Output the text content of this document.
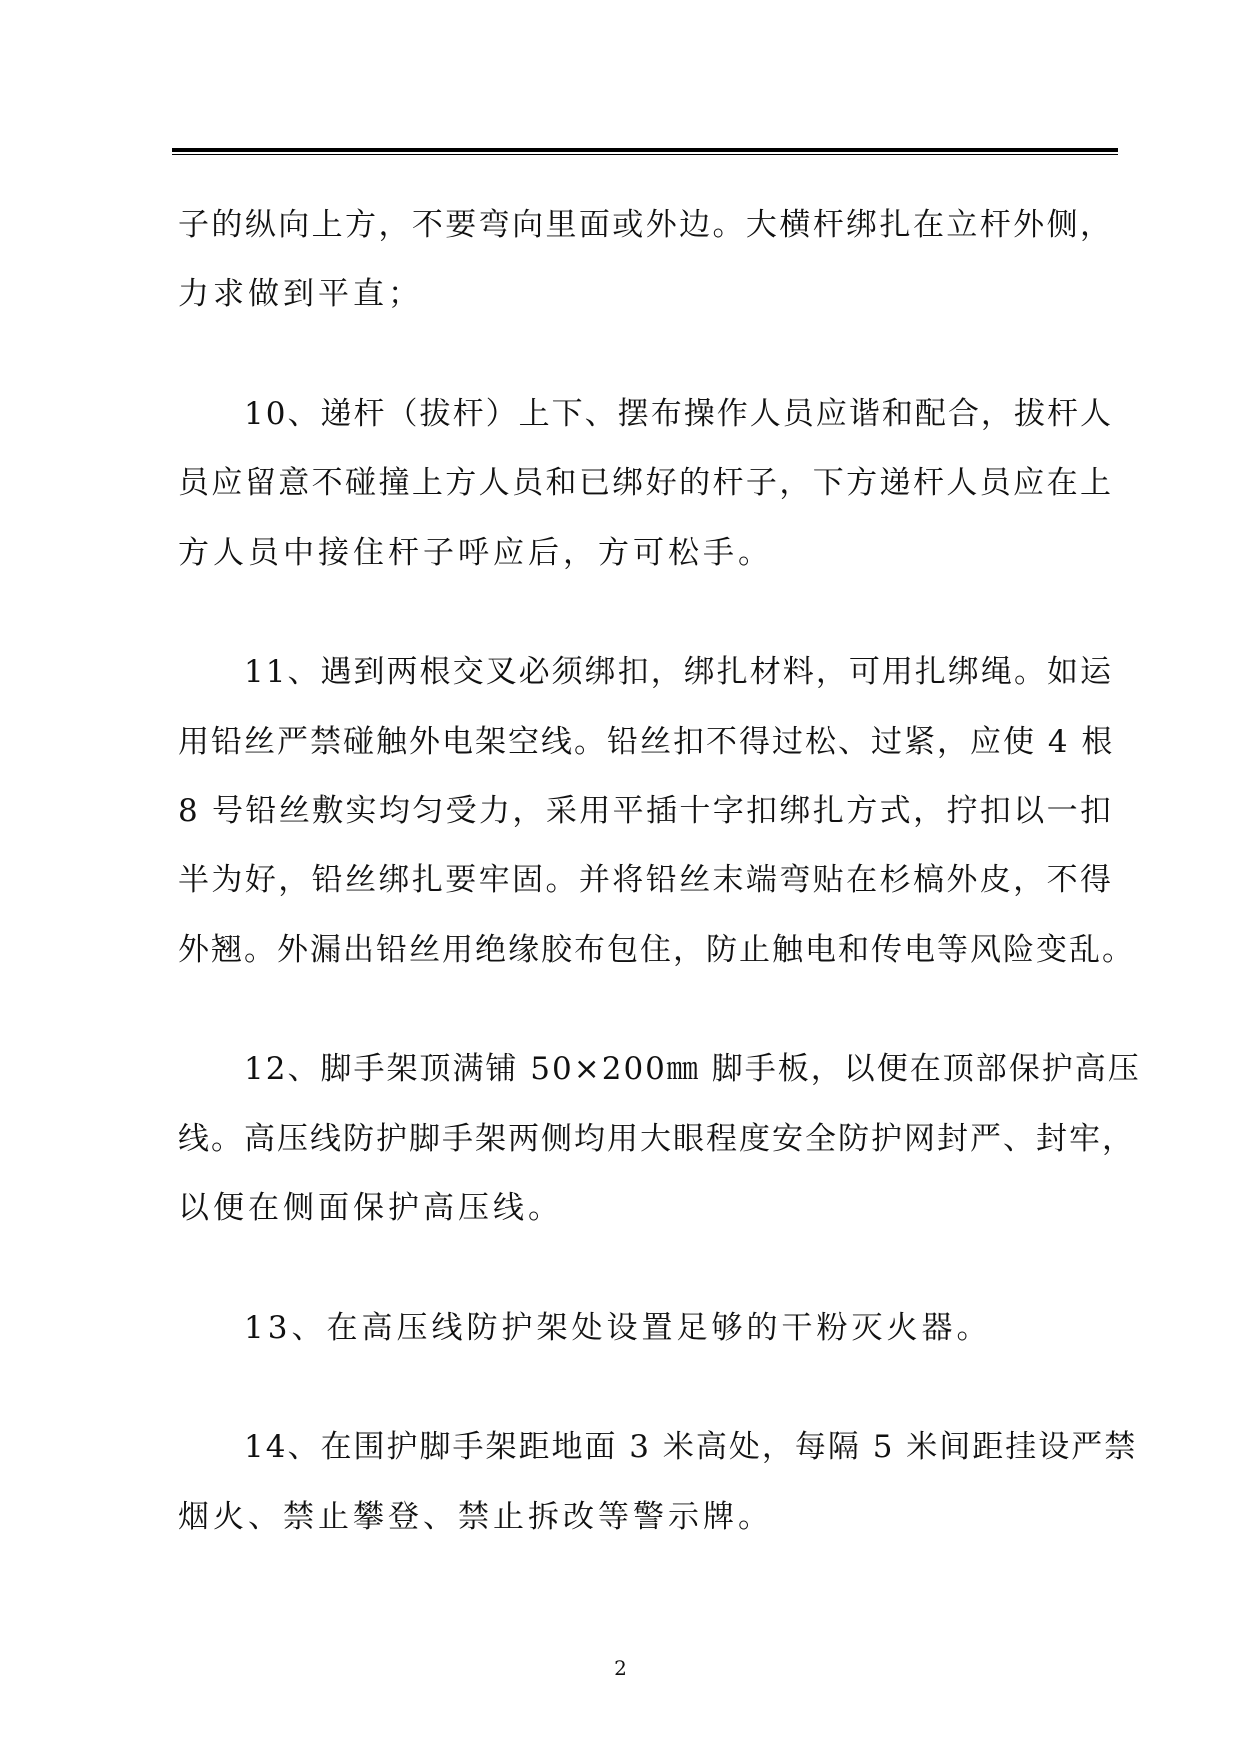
子的纵向上方，不要弯向里面或外边。大横杆绑扎在立杆外侧，
力求做到平直；
10、递杆（拔杆）上下、摆布操作人员应谐和配合，拔杆人
员应留意不碰撞上方人员和已绑好的杆子，下方递杆人员应在上
方人员中接住杆子呼应后，方可松手。
11、遇到两根交叉必须绑扣，绑扎材料，可用扎绑绳。如运
用铅丝严禁碰触外电架空线。铅丝扣不得过松、过紧，应使 4 根
8 号铅丝敷实均匀受力，采用平插十字扣绑扎方式，拧扣以一扣
半为好，铅丝绑扎要牢固。并将铅丝末端弯贴在杉槁外皮，不得
外翘。外漏出铅丝用绝缘胶布包住，防止触电和传电等风险变乱。
12、脚手架顶满铺 50×200㎜ 脚手板，以便在顶部保护高压
线。高压线防护脚手架两侧均用大眼程度安全防护网封严、封牢，
以便在侧面保护高压线。
13、在高压线防护架处设置足够的干粉灭火器。
14、在围护脚手架距地面 3 米高处，每隔 5 米间距挂设严禁
烟火、禁止攀登、禁止拆改等警示牌。
2
